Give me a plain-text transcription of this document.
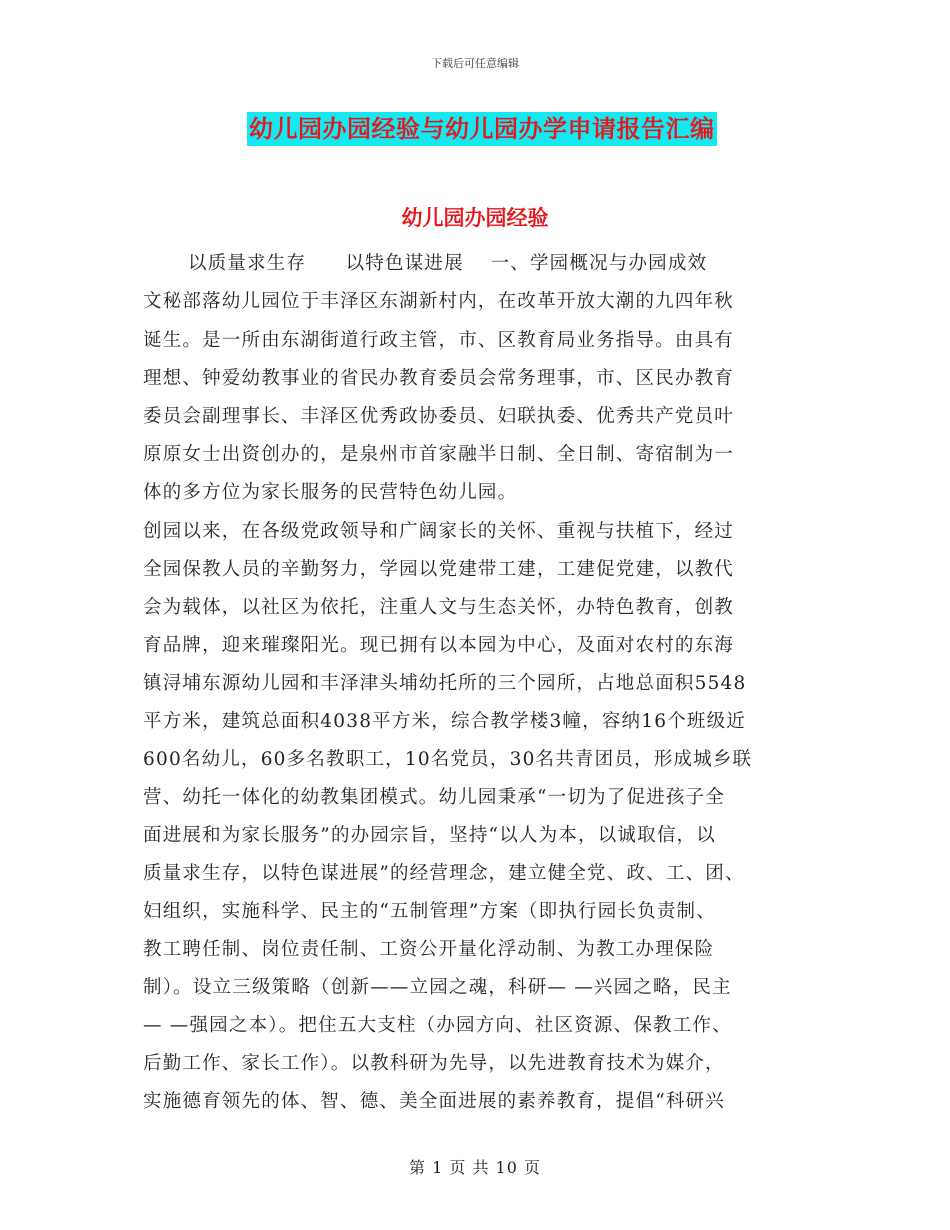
下载后可任意编辑
幼儿园办园经验与幼儿园办学申请报告汇编
幼儿园办园经验
以质量求生存　　以特色谋进展　 一、学园概况与办园成效
文秘部落幼儿园位于丰泽区东湖新村内，在改革开放大潮的九四年秋
诞生。是一所由东湖街道行政主管，市、区教育局业务指导。由具有
理想、钟爱幼教事业的省民办教育委员会常务理事，市、区民办教育
委员会副理事长、丰泽区优秀政协委员、妇联执委、优秀共产党员叶
原原女士出资创办的，是泉州市首家融半日制、全日制、寄宿制为一
体的多方位为家长服务的民营特色幼儿园。
创园以来，在各级党政领导和广阔家长的关怀、重视与扶植下，经过
全园保教人员的辛勤努力，学园以党建带工建，工建促党建，以教代
会为载体，以社区为依托，注重人文与生态关怀，办特色教育，创教
育品牌，迎来璀璨阳光。现已拥有以本园为中心，及面对农村的东海
镇浔埔东源幼儿园和丰泽津头埔幼托所的三个园所，占地总面积5548
平方米，建筑总面积4038平方米，综合教学楼3幢，容纳16个班级近
600名幼儿，60多名教职工，10名党员，30名共青团员，形成城乡联
营、幼托一体化的幼教集团模式。幼儿园秉承“一切为了促进孩子全
面进展和为家长服务”的办园宗旨，坚持“以人为本，以诚取信，以
质量求生存，以特色谋进展”的经营理念，建立健全党、政、工、团、
妇组织，实施科学、民主的“五制管理”方案（即执行园长负责制、
教工聘任制、岗位责任制、工资公开量化浮动制、为教工办理保险
制）。设立三级策略（创新——立园之魂，科研— —兴园之略，民主
— —强园之本）。把住五大支柱（办园方向、社区资源、保教工作、
后勤工作、家长工作）。以教科研为先导，以先进教育技术为媒介，
实施德育领先的体、智、德、美全面进展的素养教育，提倡“科研兴
第 1 页 共 10 页
